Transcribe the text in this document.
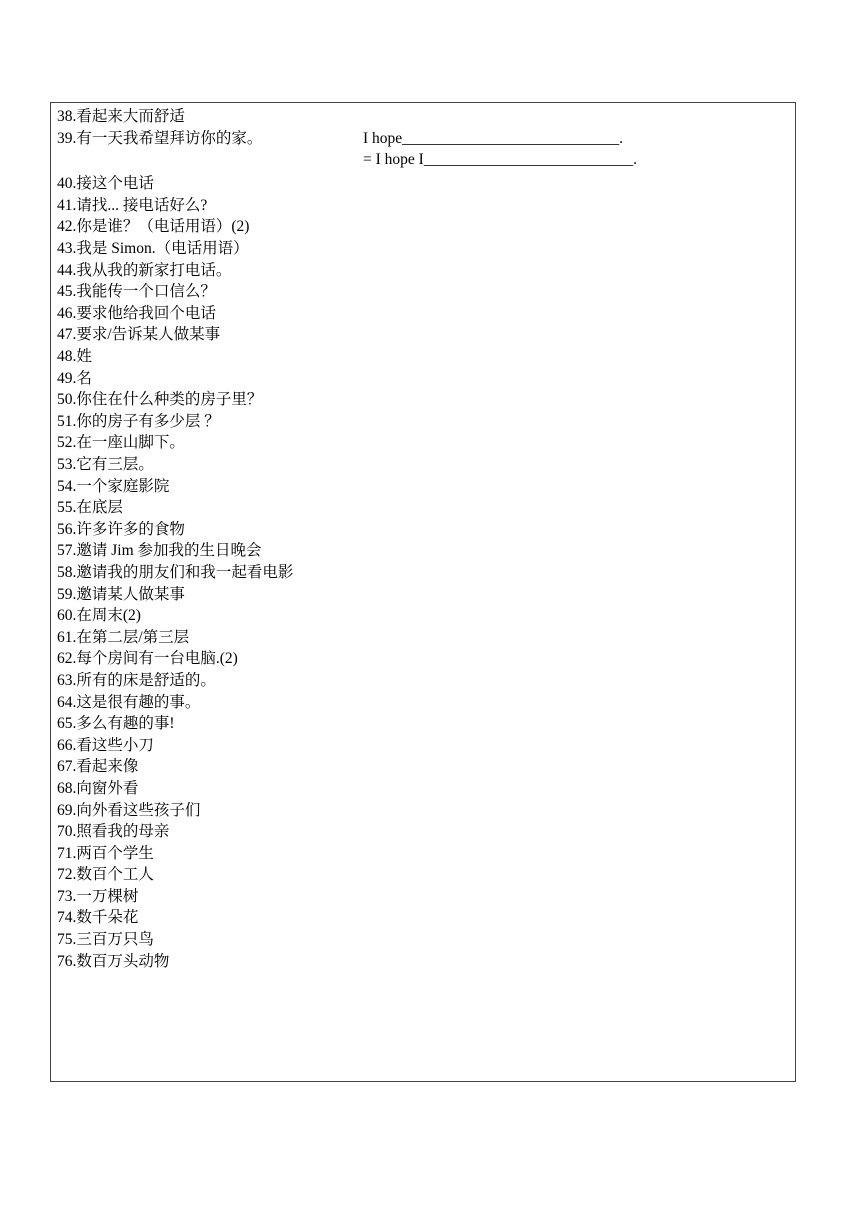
38.看起来大而舒适
39.有一天我希望拜访你的家。	I hope____________________________.
= I hope I___________________________.
40.接这个电话
41.请找... 接电话好么?
42.你是谁？（电话用语）(2)
43.我是 Simon.（电话用语）
44.我从我的新家打电话。
45.我能传一个口信么？
46.要求他给我回个电话
47.要求/告诉某人做某事
48.姓
49.名
50.你住在什么种类的房子里？
51.你的房子有多少层 ？
52.在一座山脚下。
53.它有三层。
54.一个家庭影院
55.在底层
56.许多许多的食物
57.邀请 Jim 参加我的生日晚会
58.邀请我的朋友们和我一起看电影
59.邀请某人做某事
60.在周末(2)
61.在第二层/第三层
62.每个房间有一台电脑.(2)
63.所有的床是舒适的。
64.这是很有趣的事。
65.多么有趣的事!
66.看这些小刀
67.看起来像
68.向窗外看
69.向外看这些孩子们
70.照看我的母亲
71.两百个学生
72.数百个工人
73.一万棵树
74.数千朵花
75.三百万只鸟
76.数百万头动物
